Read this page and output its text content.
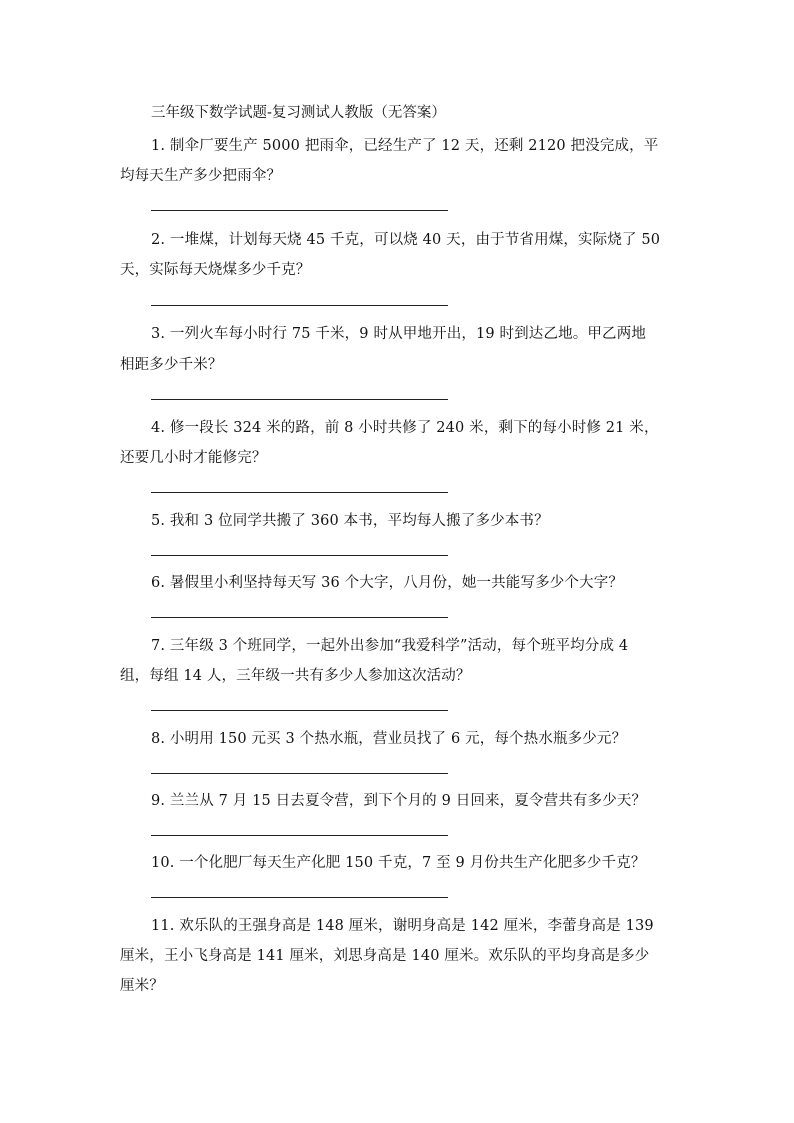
三年级下数学试题-复习测试人教版（无答案）
1. 制伞厂要生产 5000 把雨伞，已经生产了 12 天，还剩 2120 把没完成，平
均每天生产多少把雨伞？
2. 一堆煤，计划每天烧 45 千克，可以烧 40 天，由于节省用煤，实际烧了 50
天，实际每天烧煤多少千克？
3. 一列火车每小时行 75 千米，9 时从甲地开出，19 时到达乙地。甲乙两地
相距多少千米？
4. 修一段长 324 米的路，前 8 小时共修了 240 米，剩下的每小时修 21 米，
还要几小时才能修完？
5. 我和 3 位同学共搬了 360 本书，平均每人搬了多少本书？
6. 暑假里小利坚持每天写 36 个大字，八月份，她一共能写多少个大字？
7. 三年级 3 个班同学，一起外出参加“我爱科学”活动，每个班平均分成 4
组，每组 14 人，三年级一共有多少人参加这次活动？
8. 小明用 150 元买 3 个热水瓶，营业员找了 6 元，每个热水瓶多少元？
9. 兰兰从 7 月 15 日去夏令营，到下个月的 9 日回来，夏令营共有多少天？
10. 一个化肥厂每天生产化肥 150 千克，7 至 9 月份共生产化肥多少千克？
11. 欢乐队的王强身高是 148 厘米，谢明身高是 142 厘米，李蕾身高是 139
厘米，王小飞身高是 141 厘米，刘思身高是 140 厘米。欢乐队的平均身高是多少
厘米？
